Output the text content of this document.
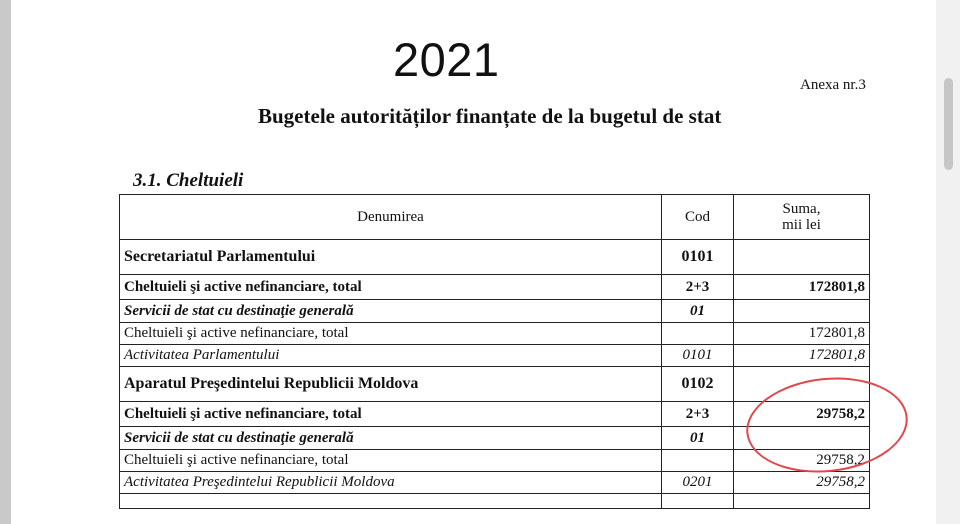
2021	Anexa nr.3
Bugetele autorităților finanțate de la bugetul de stat
3.1. Cheltuieli
Denumirea	Cod	Suma,
mii lei

Secretariatul Parlamentului	0101	
Cheltuieli şi active nefinanciare, total	2+3	172801,8
Servicii de stat cu destinaţie generală	01	
Cheltuieli şi active nefinanciare, total		172801,8
Activitatea Parlamentului	0101	172801,8
Aparatul Preşedintelui Republicii Moldova	0102	
Cheltuieli şi active nefinanciare, total	2+3	29758,2
Servicii de stat cu destinaţie generală	01	
Cheltuieli şi active nefinanciare, total		29758,2
Activitatea Preşedintelui Republicii Moldova	0201	29758,2
